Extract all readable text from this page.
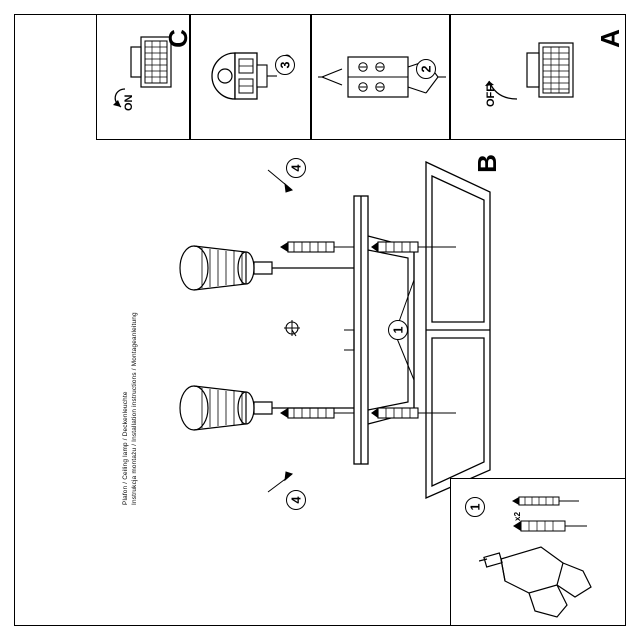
A
OFF
2
3
C
ON
B
4
4
1
1
x2
Instrukcja montażu / Installation instructions / Montageanleitung
Plafon / Ceiling lamp / Deckenleuchte
